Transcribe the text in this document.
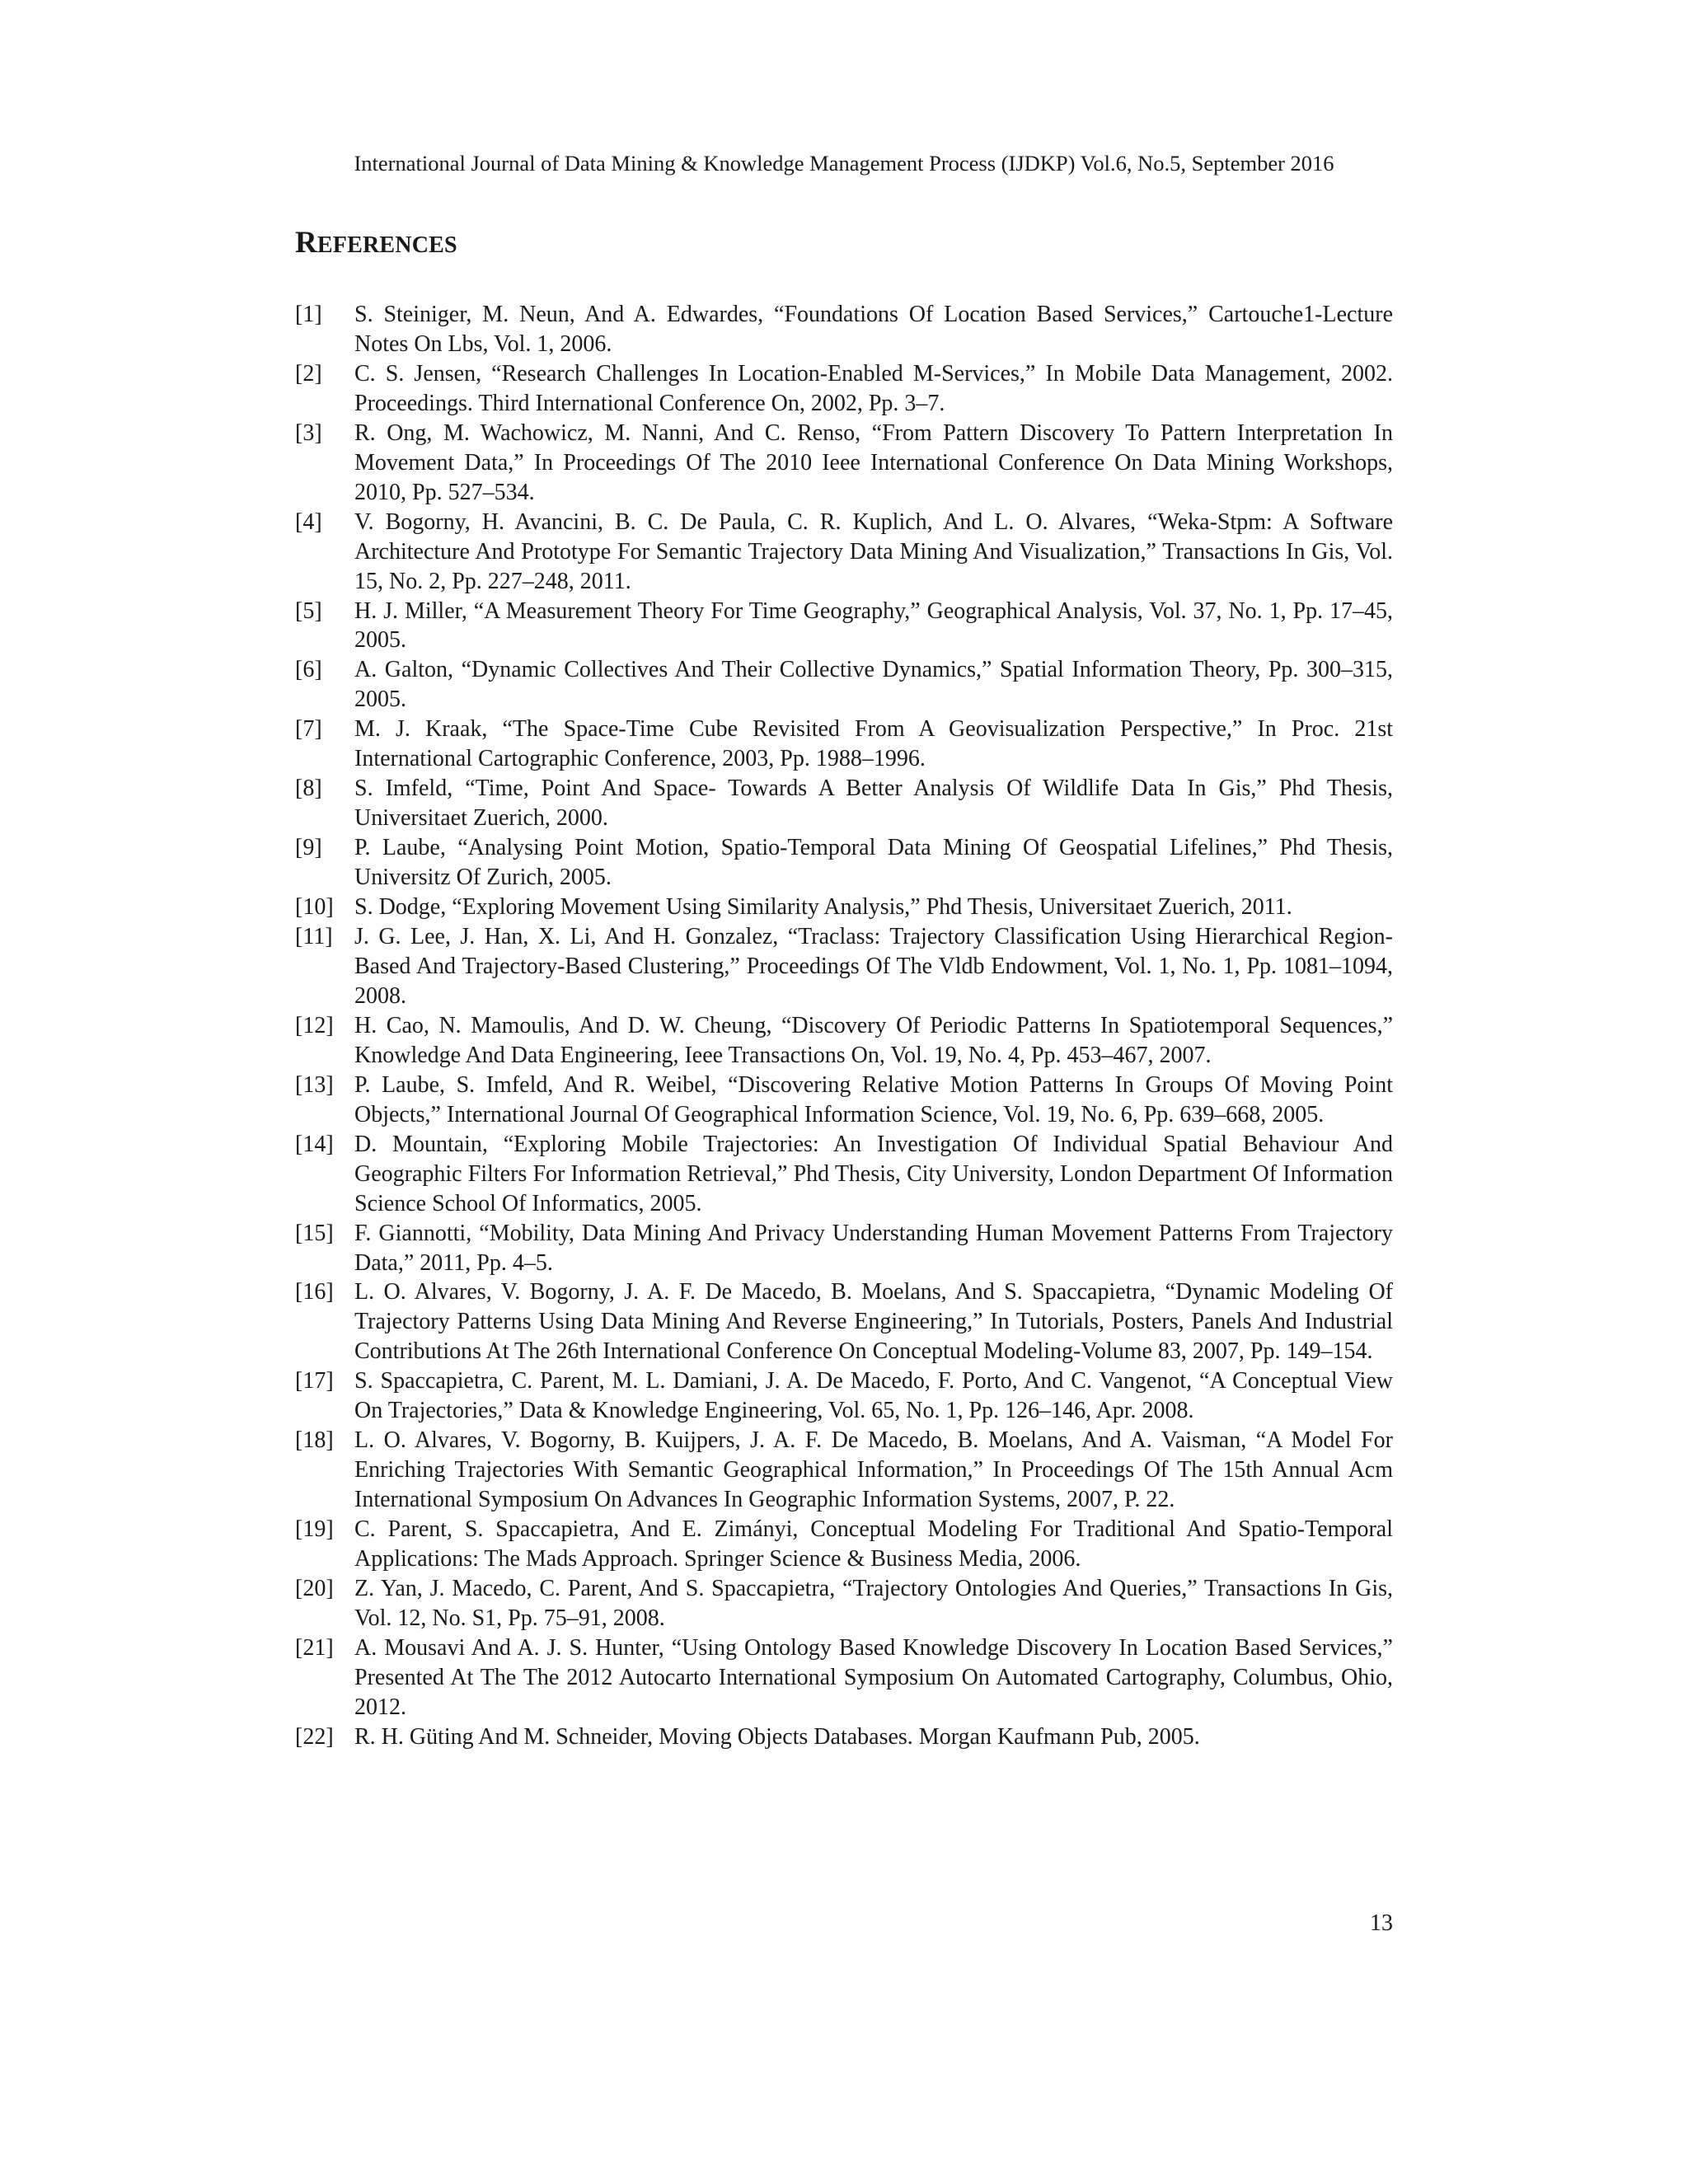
International Journal of Data Mining & Knowledge Management Process (IJDKP) Vol.6, No.5, September 2016
REFERENCES
[1]	S. Steiniger, M. Neun, And A. Edwardes, “Foundations Of Location Based Services,” Cartouche1-Lecture Notes On Lbs, Vol. 1, 2006.
[2]	C. S. Jensen, “Research Challenges In Location-Enabled M-Services,” In Mobile Data Management, 2002. Proceedings. Third International Conference On, 2002, Pp. 3–7.
[3]	R. Ong, M. Wachowicz, M. Nanni, And C. Renso, “From Pattern Discovery To Pattern Interpretation In Movement Data,” In Proceedings Of The 2010 Ieee International Conference On Data Mining Workshops, 2010, Pp. 527–534.
[4]	V. Bogorny, H. Avancini, B. C. De Paula, C. R. Kuplich, And L. O. Alvares, “Weka-Stpm: A Software Architecture And Prototype For Semantic Trajectory Data Mining And Visualization,” Transactions In Gis, Vol. 15, No. 2, Pp. 227–248, 2011.
[5]	H. J. Miller, “A Measurement Theory For Time Geography,” Geographical Analysis, Vol. 37, No. 1, Pp. 17–45, 2005.
[6]	A. Galton, “Dynamic Collectives And Their Collective Dynamics,” Spatial Information Theory, Pp. 300–315, 2005.
[7]	M. J. Kraak, “The Space-Time Cube Revisited From A Geovisualization Perspective,” In Proc. 21st International Cartographic Conference, 2003, Pp. 1988–1996.
[8]	S. Imfeld, “Time, Point And Space- Towards A Better Analysis Of Wildlife Data In Gis,” Phd Thesis, Universitaet Zuerich, 2000.
[9]	P. Laube, “Analysing Point Motion, Spatio-Temporal Data Mining Of Geospatial Lifelines,” Phd Thesis, Universitz Of Zurich, 2005.
[10] S. Dodge, “Exploring Movement Using Similarity Analysis,” Phd Thesis, Universitaet Zuerich, 2011.
[11] J. G. Lee, J. Han, X. Li, And H. Gonzalez, “Traclass: Trajectory Classification Using Hierarchical Region-Based And Trajectory-Based Clustering,” Proceedings Of The Vldb Endowment, Vol. 1, No. 1, Pp. 1081–1094, 2008.
[12] H. Cao, N. Mamoulis, And D. W. Cheung, “Discovery Of Periodic Patterns In Spatiotemporal Sequences,” Knowledge And Data Engineering, Ieee Transactions On, Vol. 19, No. 4, Pp. 453–467, 2007.
[13] P. Laube, S. Imfeld, And R. Weibel, “Discovering Relative Motion Patterns In Groups Of Moving Point Objects,” International Journal Of Geographical Information Science, Vol. 19, No. 6, Pp. 639–668, 2005.
[14] D. Mountain, “Exploring Mobile Trajectories: An Investigation Of Individual Spatial Behaviour And Geographic Filters For Information Retrieval,” Phd Thesis, City University, London Department Of Information Science School Of Informatics, 2005.
[15] F. Giannotti, “Mobility, Data Mining And Privacy Understanding Human Movement Patterns From Trajectory Data,” 2011, Pp. 4–5.
[16] L. O. Alvares, V. Bogorny, J. A. F. De Macedo, B. Moelans, And S. Spaccapietra, “Dynamic Modeling Of Trajectory Patterns Using Data Mining And Reverse Engineering,” In Tutorials, Posters, Panels And Industrial Contributions At The 26th International Conference On Conceptual Modeling-Volume 83, 2007, Pp. 149–154.
[17] S. Spaccapietra, C. Parent, M. L. Damiani, J. A. De Macedo, F. Porto, And C. Vangenot, “A Conceptual View On Trajectories,” Data & Knowledge Engineering, Vol. 65, No. 1, Pp. 126–146, Apr. 2008.
[18] L. O. Alvares, V. Bogorny, B. Kuijpers, J. A. F. De Macedo, B. Moelans, And A. Vaisman, “A Model For Enriching Trajectories With Semantic Geographical Information,” In Proceedings Of The 15th Annual Acm International Symposium On Advances In Geographic Information Systems, 2007, P. 22.
[19] C. Parent, S. Spaccapietra, And E. Zimányi, Conceptual Modeling For Traditional And Spatio-Temporal Applications: The Mads Approach. Springer Science & Business Media, 2006.
[20] Z. Yan, J. Macedo, C. Parent, And S. Spaccapietra, “Trajectory Ontologies And Queries,” Transactions In Gis, Vol. 12, No. S1, Pp. 75–91, 2008.
[21] A. Mousavi And A. J. S. Hunter, “Using Ontology Based Knowledge Discovery In Location Based Services,” Presented At The The 2012 Autocarto International Symposium On Automated Cartography, Columbus, Ohio, 2012.
[22] R. H. Güting And M. Schneider, Moving Objects Databases. Morgan Kaufmann Pub, 2005.
13
